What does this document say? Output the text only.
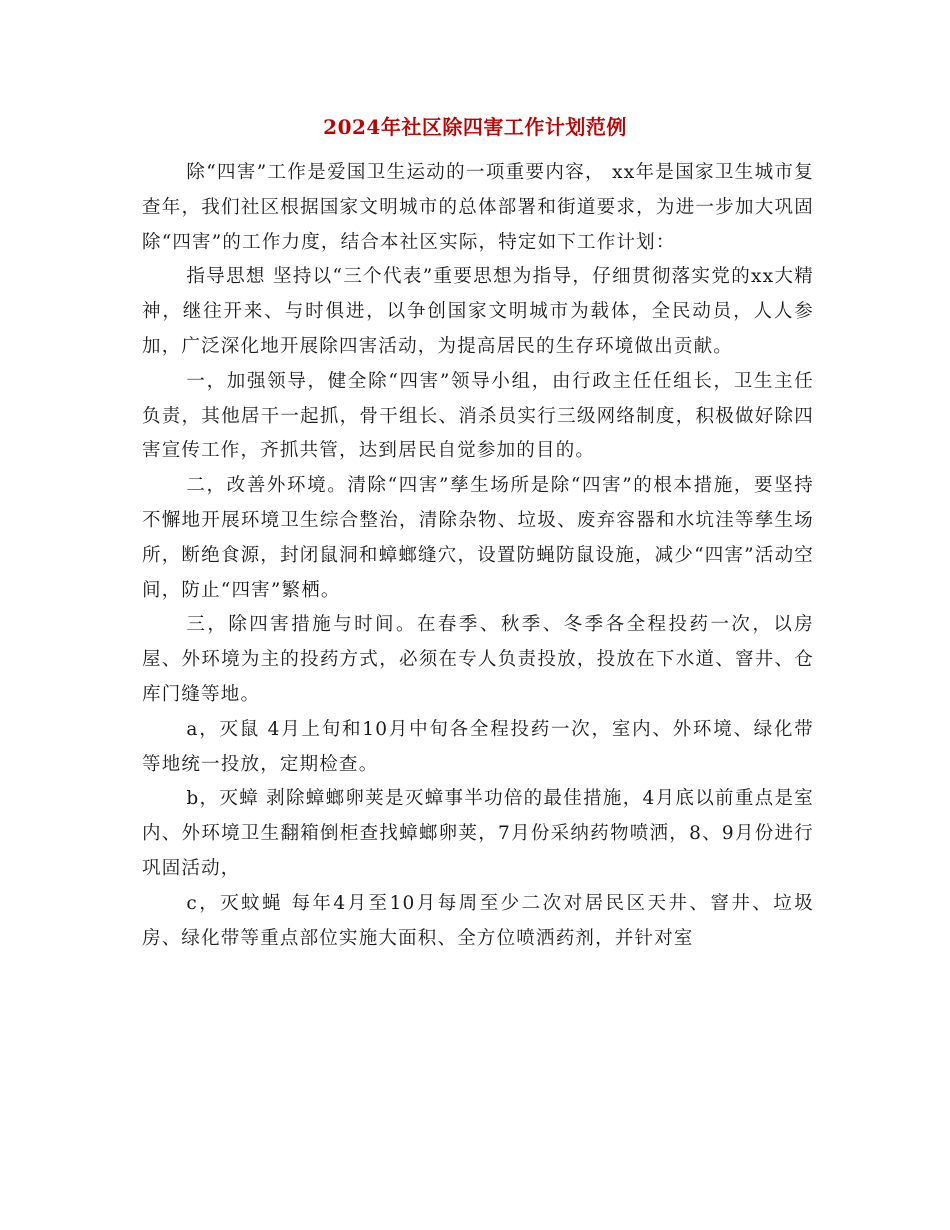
2024年社区除四害工作计划范例

除“四害”工作是爱国卫生运动的一项重要内容， xx年是国家卫生城市复查年，我们社区根据国家文明城市的总体部署和街道要求，为进一步加大巩固除“四害”的工作力度，结合本社区实际，特定如下工作计划：

指导思想 坚持以“三个代表”重要思想为指导，仔细贯彻落实党的xx大精神，继往开来、与时俱进，以争创国家文明城市为载体，全民动员，人人参加，广泛深化地开展除四害活动，为提高居民的生存环境做出贡献。

一，加强领导，健全除“四害”领导小组，由行政主任任组长，卫生主任负责，其他居干一起抓，骨干组长、消杀员实行三级网络制度，积极做好除四害宣传工作，齐抓共管，达到居民自觉参加的目的。

二，改善外环境。清除“四害”孳生场所是除“四害”的根本措施，要坚持不懈地开展环境卫生综合整治，清除杂物、垃圾、废弃容器和水坑洼等孳生场所，断绝食源，封闭鼠洞和蟑螂缝穴，设置防蝇防鼠设施，减少“四害”活动空间，防止“四害”繁栖。

三，除四害措施与时间。在春季、秋季、冬季各全程投药一次，以房屋、外环境为主的投药方式，必须在专人负责投放，投放在下水道、窨井、仓库门缝等地。

a，灭鼠 4月上旬和10月中旬各全程投药一次，室内、外环境、绿化带等地统一投放，定期检查。

b，灭蟑 剥除蟑螂卵荚是灭蟑事半功倍的最佳措施，4月底以前重点是室内、外环境卫生翻箱倒柜查找蟑螂卵荚，7月份采纳药物喷洒，8、9月份进行巩固活动，

c，灭蚊蝇 每年4月至10月每周至少二次对居民区天井、窨井、垃圾房、绿化带等重点部位实施大面积、全方位喷洒药剂，并针对室
